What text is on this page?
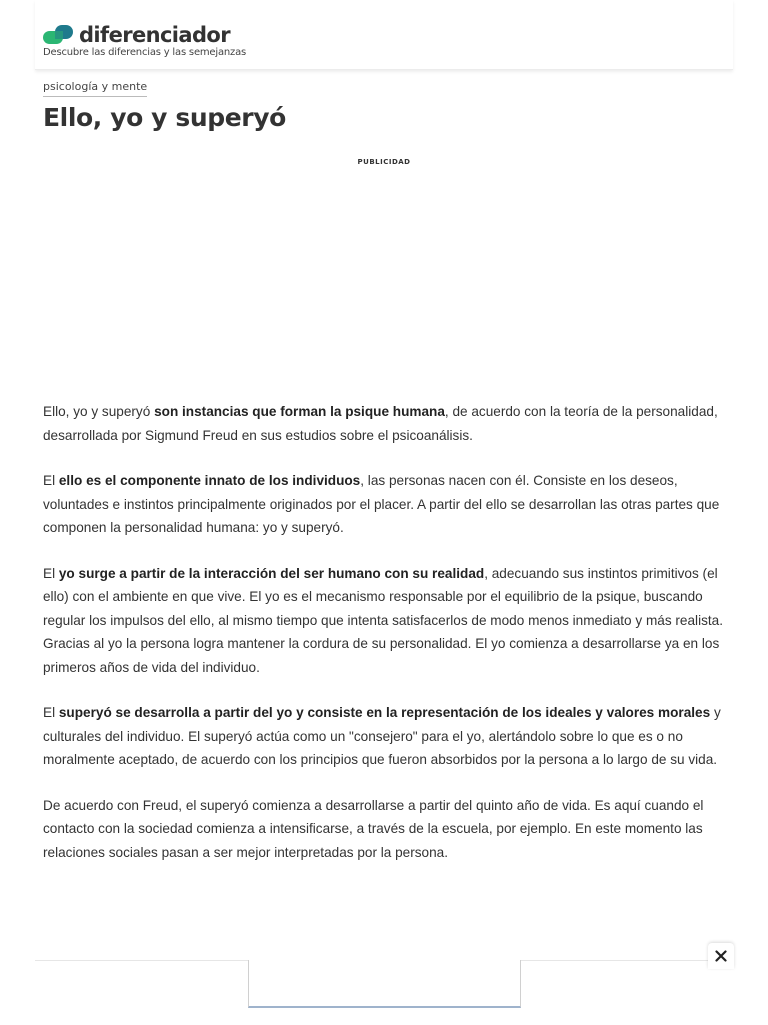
diferenciador
Descubre las diferencias y las semejanzas
psicología y mente
Ello, yo y superyó
PUBLICIDAD

Ello, yo y superyó son instancias que forman la psique humana, de acuerdo con la teoría de la personalidad, desarrollada por Sigmund Freud en sus estudios sobre el psicoanálisis.

El ello es el componente innato de los individuos, las personas nacen con él. Consiste en los deseos, voluntades e instintos principalmente originados por el placer. A partir del ello se desarrollan las otras partes que componen la personalidad humana: yo y superyó.

El yo surge a partir de la interacción del ser humano con su realidad, adecuando sus instintos primitivos (el ello) con el ambiente en que vive. El yo es el mecanismo responsable por el equilibrio de la psique, buscando regular los impulsos del ello, al mismo tiempo que intenta satisfacerlos de modo menos inmediato y más realista. Gracias al yo la persona logra mantener la cordura de su personalidad. El yo comienza a desarrollarse ya en los primeros años de vida del individuo.

El superyó se desarrolla a partir del yo y consiste en la representación de los ideales y valores morales y culturales del individuo. El superyó actúa como un "consejero" para el yo, alertándolo sobre lo que es o no moralmente aceptado, de acuerdo con los principios que fueron absorbidos por la persona a lo largo de su vida.

De acuerdo con Freud, el superyó comienza a desarrollarse a partir del quinto año de vida. Es aquí cuando el contacto con la sociedad comienza a intensificarse, a través de la escuela, por ejemplo. En este momento las relaciones sociales pasan a ser mejor interpretadas por la persona.
